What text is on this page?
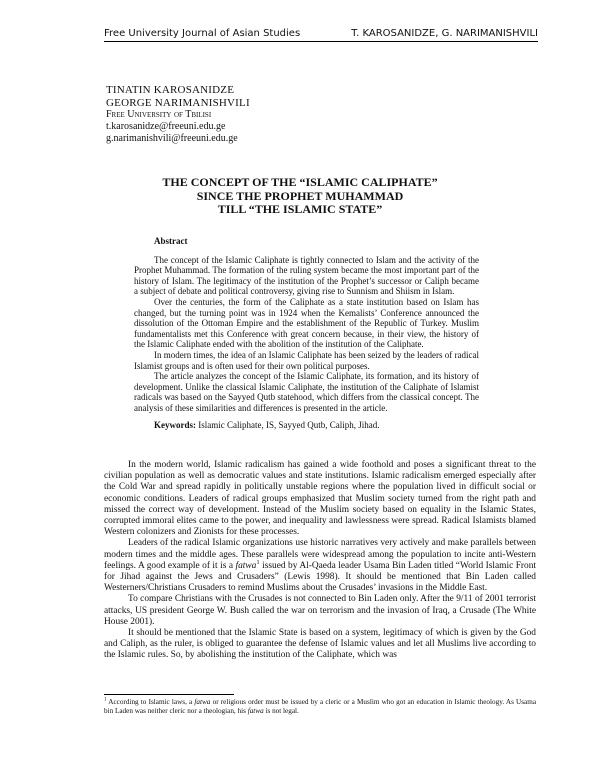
Free University Journal of Asian Studies	T. KAROSANIDZE, G. NARIMANISHVILI
TINATIN KAROSANIDZE
GEORGE NARIMANISHVILI
Free University of Tbilisi
t.karosanidze@freeuni.edu.ge
g.narimanishvili@freeuni.edu.ge
THE CONCEPT OF THE “ISLAMIC CALIPHATE”
SINCE THE PROPHET MUHAMMAD
TILL “THE ISLAMIC STATE”
Abstract

The concept of the Islamic Caliphate is tightly connected to Islam and the activity of the Prophet Muhammad. The formation of the ruling system became the most important part of the history of Islam. The legitimacy of the institution of the Prophet’s successor or Caliph became a subject of debate and political controversy, giving rise to Sunnism and Shiism in Islam.

Over the centuries, the form of the Caliphate as a state institution based on Islam has changed, but the turning point was in 1924 when the Kemalists’ Conference announced the dissolution of the Ottoman Empire and the establishment of the Republic of Turkey. Muslim fundamentalists met this Conference with great concern because, in their view, the history of the Islamic Caliphate ended with the abolition of the institution of the Caliphate.

In modern times, the idea of an Islamic Caliphate has been seized by the leaders of radical Islamist groups and is often used for their own political purposes.

The article analyzes the concept of the Islamic Caliphate, its formation, and its history of development. Unlike the classical Islamic Caliphate, the institution of the Caliphate of Islamist radicals was based on the Sayyed Qutb statehood, which differs from the classical concept. The analysis of these similarities and differences is presented in the article.

Keywords: Islamic Caliphate, IS, Sayyed Qutb, Caliph, Jihad.

In the modern world, Islamic radicalism has gained a wide foothold and poses a significant threat to the civilian population as well as democratic values and state institutions. Islamic radicalism emerged especially after the Cold War and spread rapidly in politically unstable regions where the population lived in difficult social or economic conditions. Leaders of radical groups emphasized that Muslim society turned from the right path and missed the correct way of development. Instead of the Muslim society based on equality in the Islamic States, corrupted immoral elites came to the power, and inequality and lawlessness were spread. Radical Islamists blamed Western colonizers and Zionists for these processes.

Leaders of the radical Islamic organizations use historic narratives very actively and make parallels between modern times and the middle ages. These parallels were widespread among the population to incite anti-Western feelings. A good example of it is a fatwa$^1$ issued by Al-Qaeda leader Usama Bin Laden titled “World Islamic Front for Jihad against the Jews and Crusaders” (Lewis 1998). It should be mentioned that Bin Laden called Westerners/Christians Crusaders to remind Muslims about the Crusades’ invasions in the Middle East.

To compare Christians with the Crusades is not connected to Bin Laden only. After the 9/11 of 2001 terrorist attacks, US president George W. Bush called the war on terrorism and the invasion of Iraq, a Crusade (The White House 2001).

It should be mentioned that the Islamic State is based on a system, legitimacy of which is given by the God and Caliph, as the ruler, is obliged to guarantee the defense of Islamic values and let all Muslims live according to the Islamic rules. So, by abolishing the institution of the Caliphate, which was

$^1$ According to Islamic laws, a fatwa or religious order must be issued by a cleric or a Muslim who got an education in Islamic theology. As Usama bin Laden was neither cleric nor a theologian, his fatwa is not legal.
